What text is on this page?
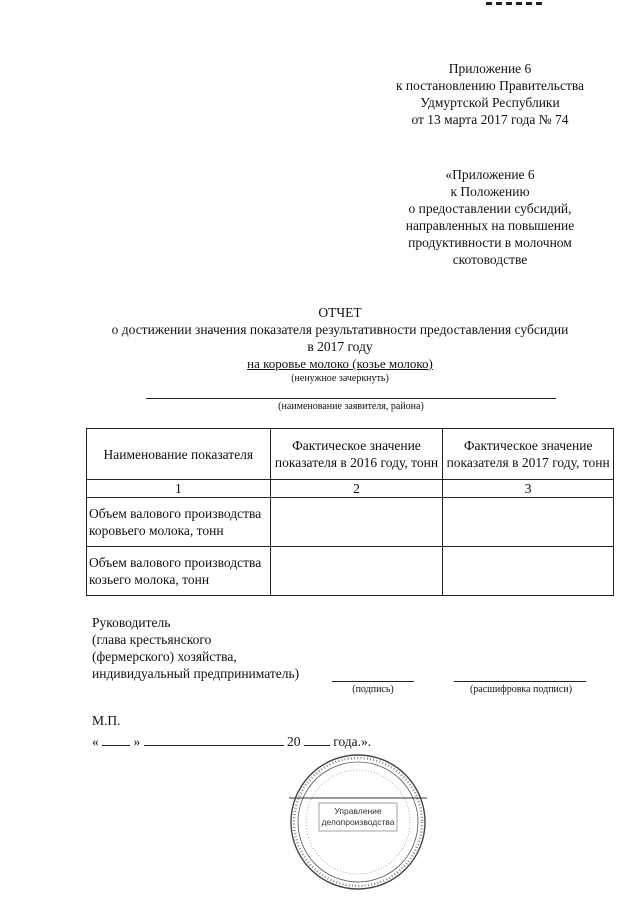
Приложение 6
к постановлению Правительства
Удмуртской Республики
от 13 марта 2017 года № 74
«Приложение 6
к Положению
о предоставлении субсидий,
направленных на повышение
продуктивности в молочном
скотоводстве
ОТЧЕТ
о достижении значения показателя результативности предоставления субсидии
в 2017 году
на коровье молоко (козье молоко)
(ненужное зачеркнуть)
(наименование заявителя, района)
Наименование показателя	Фактическое значение показателя в 2016 году, тонн	Фактическое значение показателя в 2017 году, тонн
1	2	3
Объем валового производства коровьего молока, тонн		
Объем валового производства козьего молока, тонн		
Руководитель
(глава крестьянского
(фермерского) хозяйства,
индивидуальный предприниматель)
(подпись)	(расшифровка подписи)
М.П.
«	»	20 года.».
Управление
делопроизводства
